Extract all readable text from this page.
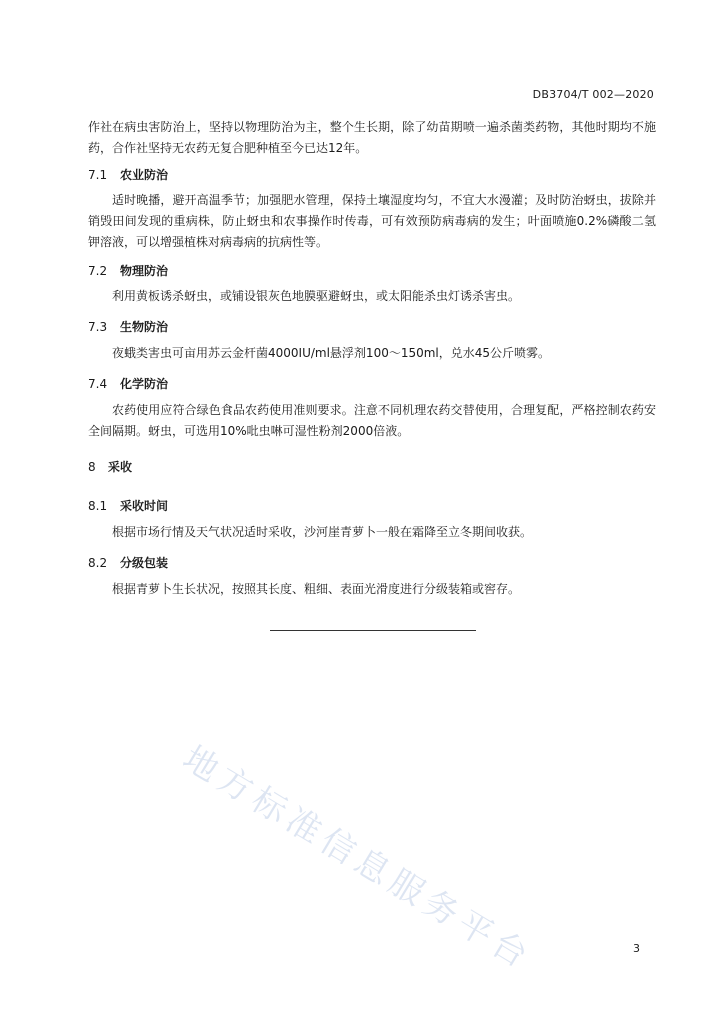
DB3704/T 002—2020
作社在病虫害防治上，坚持以物理防治为主，整个生长期，除了幼苗期喷一遍杀菌类药物，其他时期均不施药，合作社坚持无农药无复合肥种植至今已达12年。
7.1 农业防治
适时晚播，避开高温季节；加强肥水管理，保持土壤湿度均匀，不宜大水漫灌；及时防治蚜虫，拔除并销毁田间发现的重病株，防止蚜虫和农事操作时传毒，可有效预防病毒病的发生；叶面喷施0.2%磷酸二氢钾溶液，可以增强植株对病毒病的抗病性等。
7.2 物理防治
利用黄板诱杀蚜虫，或铺设银灰色地膜驱避蚜虫，或太阳能杀虫灯诱杀害虫。
7.3 生物防治
夜蛾类害虫可亩用苏云金杆菌4000IU/ml悬浮剂100～150ml，兑水45公斤喷雾。
7.4 化学防治
农药使用应符合绿色食品农药使用准则要求。注意不同机理农药交替使用，合理复配，严格控制农药安全间隔期。蚜虫，可选用10%吡虫啉可湿性粉剂2000倍液。
8 采收
8.1 采收时间
根据市场行情及天气状况适时采收，沙河崖青萝卜一般在霜降至立冬期间收获。
8.2 分级包装
根据青萝卜生长状况，按照其长度、粗细、表面光滑度进行分级装箱或窖存。
地方标准信息服务平台	3
